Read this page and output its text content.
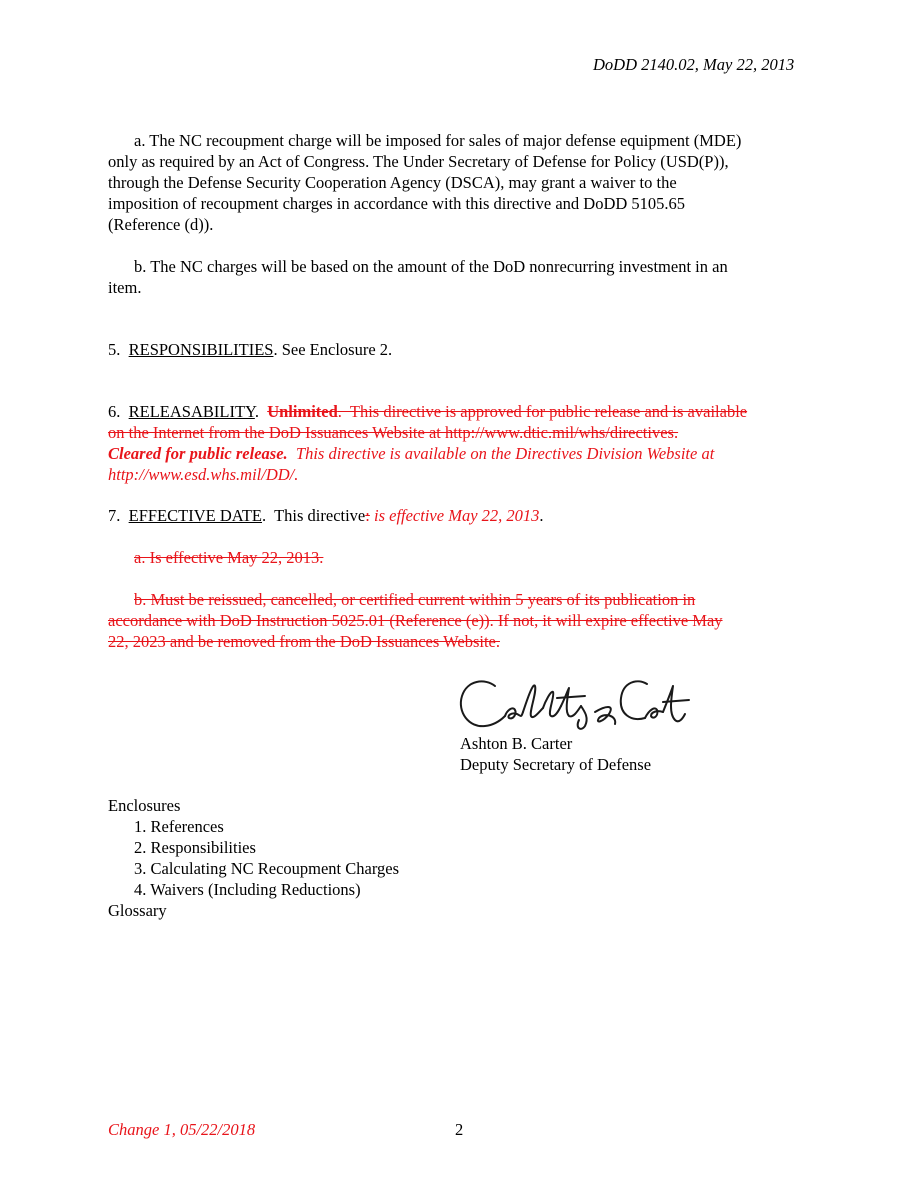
DoDD 2140.02, May 22, 2013
a. The NC recoupment charge will be imposed for sales of major defense equipment (MDE)
only as required by an Act of Congress. The Under Secretary of Defense for Policy (USD(P)),
through the Defense Security Cooperation Agency (DSCA), may grant a waiver to the
imposition of recoupment charges in accordance with this directive and DoDD 5105.65
(Reference (d)).
b. The NC charges will be based on the amount of the DoD nonrecurring investment in an
item.
5. RESPONSIBILITIES. See Enclosure 2.
6. RELEASABILITY.  Unlimited.  This directive is approved for public release and is available
on the Internet from the DoD Issuances Website at http://www.dtic.mil/whs/directives.
Cleared for public release.  This directive is available on the Directives Division Website at
http://www.esd.whs.mil/DD/.
7. EFFECTIVE DATE.  This directive: is effective May 22, 2013.
a. Is effective May 22, 2013.
b. Must be reissued, cancelled, or certified current within 5 years of its publication in
accordance with DoD Instruction 5025.01 (Reference (e)). If not, it will expire effective May
22, 2023 and be removed from the DoD Issuances Website.
Ashton B. Carter
Deputy Secretary of Defense
Enclosures
1. References
2. Responsibilities
3. Calculating NC Recoupment Charges
4. Waivers (Including Reductions)
Glossary
Change 1, 05/22/2018	2
